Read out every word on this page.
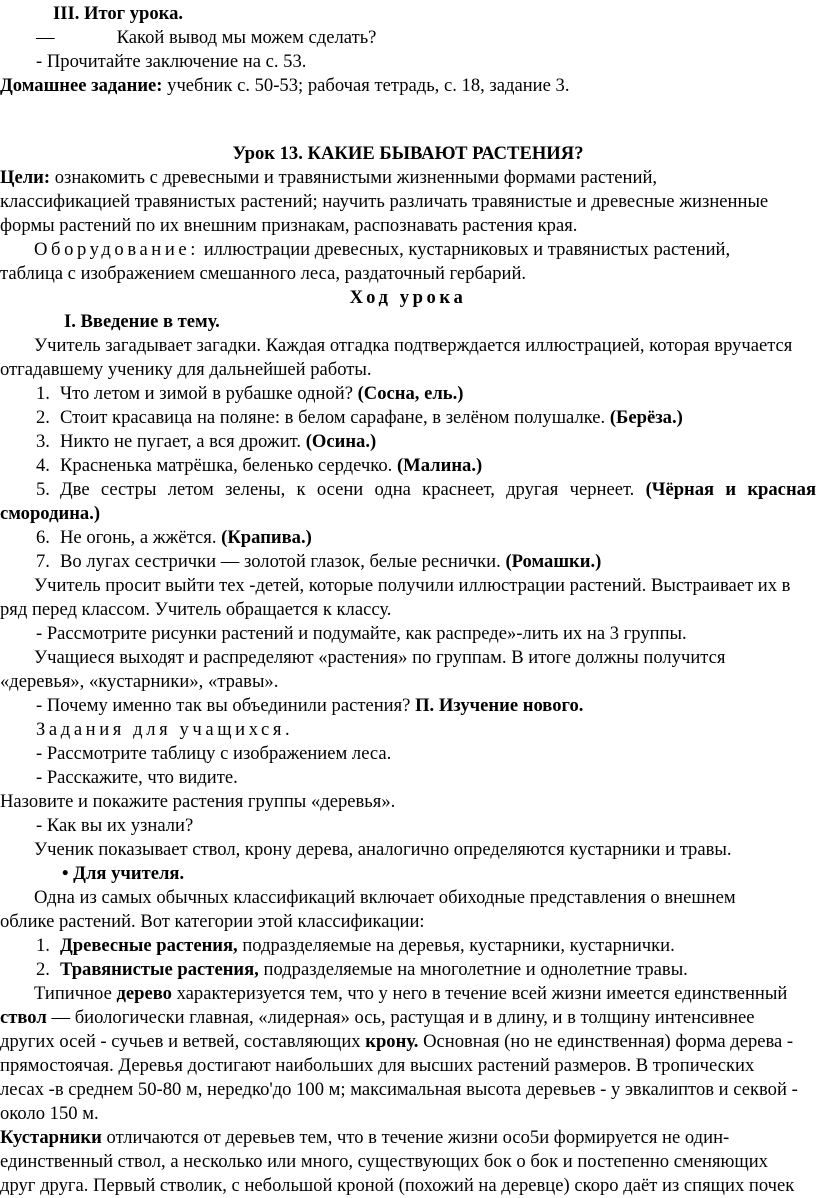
III. Итог урока.
—	Какой вывод мы можем сделать?
- Прочитайте заключение на с. 53.
Домашнее задание: учебник с. 50-53; рабочая тетрадь, с. 18, задание 3.
Урок 13. КАКИЕ БЫВАЮТ РАСТЕНИЯ?
Цели: ознакомить с древесными и травянистыми жизненными формами растений,
классификацией травянистых растений; научить различать травянистые и древесные жизненные
формы растений по их внешним признакам, распознавать растения края.
Оборудование: иллюстрации древесных, кустарниковых и травянистых растений,
таблица с изображением смешанного леса, раздаточный гербарий.
Ход урока
I. Введение в тему.
Учитель загадывает загадки. Каждая отгадка подтверждается иллюстрацией, которая вручается
отгадавшему ученику для дальнейшей работы.
1. Что летом и зимой в рубашке одной? (Сосна, ель.)
2. Стоит красавица на поляне: в белом сарафане, в зелёном полушалке. (Берёза.)
3. Никто не пугает, а вся дрожит. (Осина.)
4. Красненька матрёшка, беленько сердечко. (Малина.)
5. Две сестры летом зелены, к осени одна краснеет, другая чернеет. (Чёрная и красная
смородина.)
6. Не огонь, а жжётся. (Крапива.)
7. Во лугах сестрички — золотой глазок, белые реснички. (Ромашки.)
Учитель просит выйти тех -детей, которые получили иллюстрации растений. Выстраивает их в
ряд перед классом. Учитель обращается к классу.
- Рассмотрите рисунки растений и подумайте, как распреде»-лить их на 3 группы.
Учащиеся выходят и распределяют «растения» по группам. В итоге должны получится
«деревья», «кустарники», «травы».
- Почему именно так вы объединили растения? П. Изучение нового.
Задания для учащихся.
- Рассмотрите таблицу с изображением леса.
- Расскажите, что видите.
Назовите и покажите растения группы «деревья».
- Как вы их узнали?
Ученик показывает ствол, крону дерева, аналогично определяются кустарники и травы.
• Для учителя.
Одна из самых обычных классификаций включает обиходные представления о внешнем
облике растений. Вот категории этой классификации:
1. Древесные растения, подразделяемые на деревья, кустарники, кустарнички.
2. Травянистые растения, подразделяемые на многолетние и однолетние травы.
Типичное дерево характеризуется тем, что у него в течение всей жизни имеется единственный
ствол — биологически главная, «лидерная» ось, растущая и в длину, и в толщину интенсивнее
других осей - сучьев и ветвей, составляющих крону. Основная (но не единственная) форма дерева -
прямостоячая. Деревья достигают наибольших для высших растений размеров. В тропических
лесах -в среднем 50-80 м, нередко'до 100 м; максимальная высота деревьев - у эвкалиптов и секвой -
около 150 м.
Кустарники отличаются от деревьев тем, что в течение жизни осо5и формируется не один-
единственный ствол, а несколько или много, существующих бок о бок и постепенно сменяющих
друг друга. Первый стволик, с небольшой кроной (похожий на деревце) скоро даёт из спящих почек
